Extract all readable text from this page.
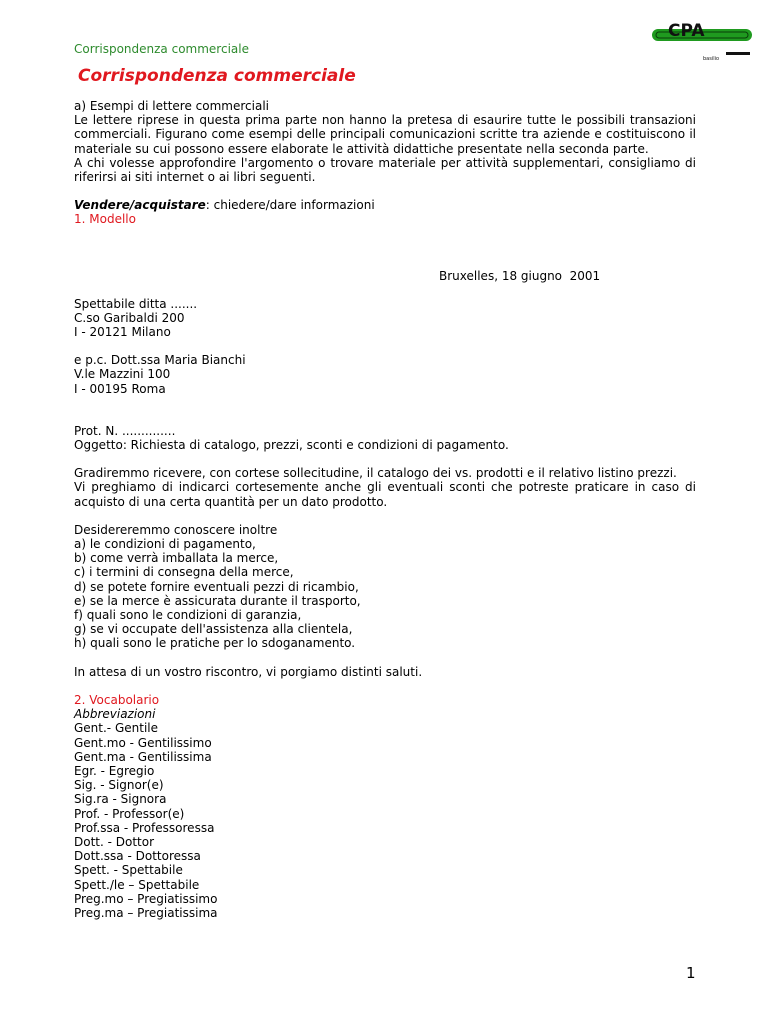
Corrispondenza commerciale
CPA
basilio
Corrispondenza commerciale
a) Esempi di lettere commerciali

Le lettere riprese in questa prima parte non hanno la pretesa di esaurire tutte le possibili transazioni commerciali. Figurano come esempi delle principali comunicazioni scritte tra aziende e costituiscono il materiale su cui possono essere elaborate le attività didattiche presentate nella seconda parte.

A chi volesse approfondire l'argomento o trovare materiale per attività supplementari, consigliamo di riferirsi ai siti internet o ai libri seguenti.

Vendere/acquistare: chiedere/dare informazioni
1. Modello
Spettabile ditta .......
C.so Garibaldi 200
I - 20121 Milano
e p.c. Dott.ssa Maria Bianchi
V.le Mazzini 100
I - 00195 Roma
Prot. N. ..............
Oggetto: Richiesta di catalogo, prezzi, sconti e condizioni di pagamento.
Gradiremmo ricevere, con cortese sollecitudine, il catalogo dei vs. prodotti e il relativo listino prezzi.
Vi preghiamo di indicarci cortesemente anche gli eventuali sconti che potreste praticare in caso di acquisto di una certa quantità per un dato prodotto.
Desidereremmo conoscere inoltre
a) le condizioni di pagamento,
b) come verrà imballata la merce,
c) i termini di consegna della merce,
d) se potete fornire eventuali pezzi di ricambio,
e) se la merce è assicurata durante il trasporto,
f) quali sono le condizioni di garanzia,
g) se vi occupate dell'assistenza alla clientela,
h) quali sono le pratiche per lo sdoganamento.
In attesa di un vostro riscontro, vi porgiamo distinti saluti.
2. Vocabolario
Abbreviazioni
Gent.- Gentile
Gent.mo - Gentilissimo
Gent.ma - Gentilissima
Egr. - Egregio
Sig. - Signor(e)
Sig.ra - Signora
Prof. - Professor(e)
Prof.ssa - Professoressa
Dott. - Dottor
Dott.ssa - Dottoressa
Spett. - Spettabile
Spett./le – Spettabile
Preg.mo – Pregiatissimo
Preg.ma – Pregiatissima
Bruxelles, 18 giugno  2001
1
